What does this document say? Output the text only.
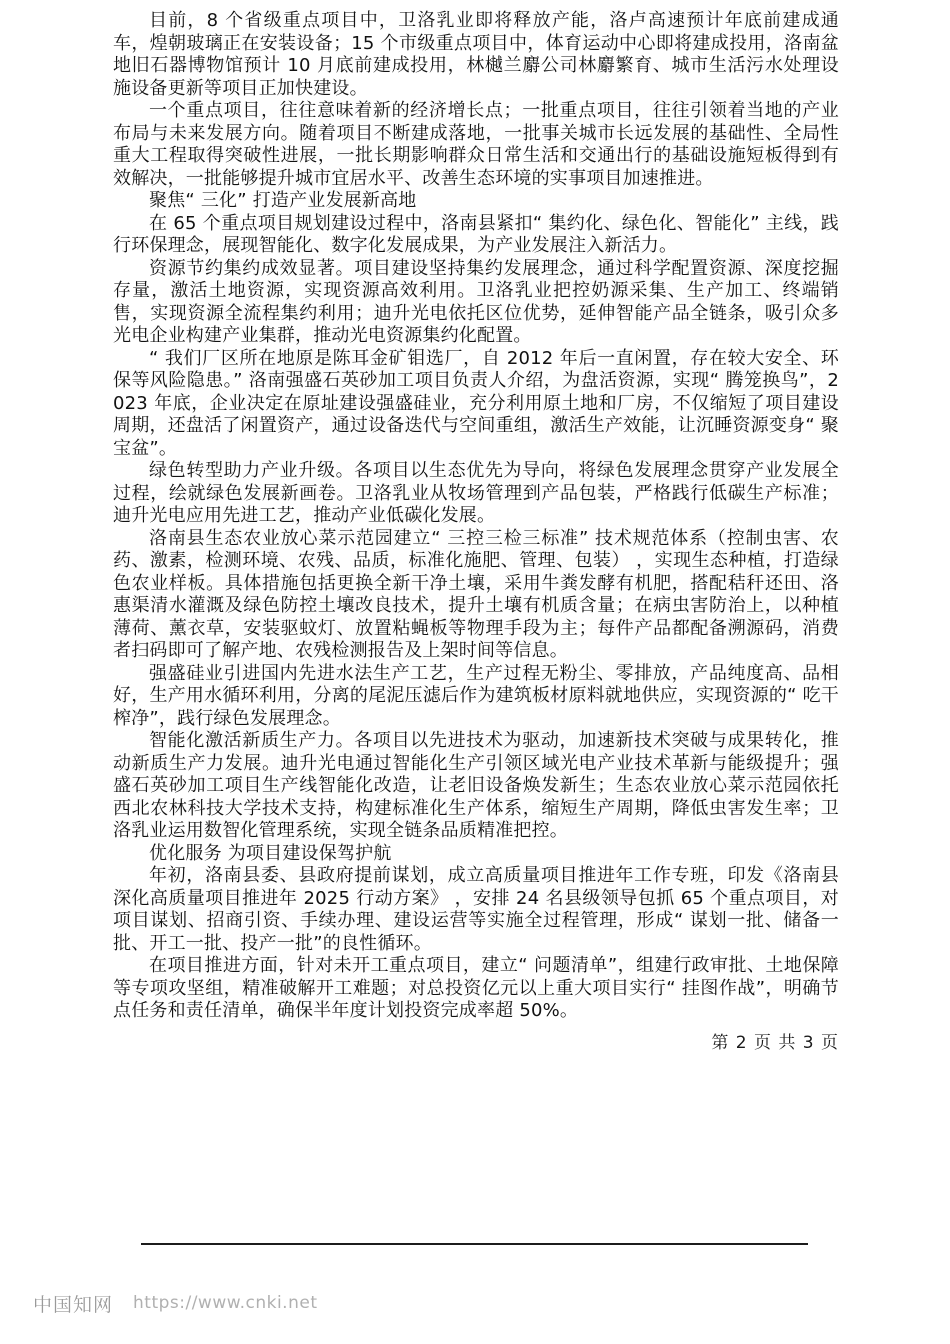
目前，8 个省级重点项目中，卫洛乳业即将释放产能，洛卢高速预计年底前建成通车，煌朝玻璃正在安装设备；15 个市级重点项目中，体育运动中心即将建成投用，洛南盆地旧石器博物馆预计 10 月底前建成投用，林樾兰麝公司林麝繁育、城市生活污水处理设施设备更新等项目正加快建设。

一个重点项目，往往意味着新的经济增长点；一批重点项目，往往引领着当地的产业布局与未来发展方向。随着项目不断建成落地，一批事关城市长远发展的基础性、全局性重大工程取得突破性进展，一批长期影响群众日常生活和交通出行的基础设施短板得到有效解决，一批能够提升城市宜居水平、改善生态环境的实事项目加速推进。

聚焦“ 三化” 打造产业发展新高地

在 65 个重点项目规划建设过程中，洛南县紧扣“ 集约化、绿色化、智能化” 主线，践行环保理念，展现智能化、数字化发展成果，为产业发展注入新活力。

资源节约集约成效显著。项目建设坚持集约发展理念，通过科学配置资源、深度挖掘存量，激活土地资源，实现资源高效利用。卫洛乳业把控奶源采集、生产加工、终端销售，实现资源全流程集约利用；迪升光电依托区位优势，延伸智能产品全链条，吸引众多光电企业构建产业集群，推动光电资源集约化配置。

“ 我们厂区所在地原是陈耳金矿钼选厂，自 2012 年后一直闲置，存在较大安全、环保等风险隐患。” 洛南强盛石英砂加工项目负责人介绍，为盘活资源，实现“ 腾笼换鸟”，2023 年底，企业决定在原址建设强盛硅业，充分利用原土地和厂房，不仅缩短了项目建设周期，还盘活了闲置资产，通过设备迭代与空间重组，激活生产效能，让沉睡资源变身“ 聚宝盆”。

绿色转型助力产业升级。各项目以生态优先为导向，将绿色发展理念贯穿产业发展全过程，绘就绿色发展新画卷。卫洛乳业从牧场管理到产品包装，严格践行低碳生产标准；迪升光电应用先进工艺，推动产业低碳化发展。

洛南县生态农业放心菜示范园建立“ 三控三检三标准” 技术规范体系（控制虫害、农药、激素，检测环境、农残、品质，标准化施肥、管理、包装） ，实现生态种植，打造绿色农业样板。具体措施包括更换全新干净土壤，采用牛粪发酵有机肥，搭配秸秆还田、洛惠渠清水灌溉及绿色防控土壤改良技术，提升土壤有机质含量；在病虫害防治上，以种植薄荷、薰衣草，安装驱蚊灯、放置粘蝇板等物理手段为主；每件产品都配备溯源码，消费者扫码即可了解产地、农残检测报告及上架时间等信息。

强盛硅业引进国内先进水法生产工艺，生产过程无粉尘、零排放，产品纯度高、品相好，生产用水循环利用，分离的尾泥压滤后作为建筑板材原料就地供应，实现资源的“ 吃干榨净”，践行绿色发展理念。

智能化激活新质生产力。各项目以先进技术为驱动，加速新技术突破与成果转化，推动新质生产力发展。迪升光电通过智能化生产引领区域光电产业技术革新与能级提升；强盛石英砂加工项目生产线智能化改造，让老旧设备焕发新生；生态农业放心菜示范园依托西北农林科技大学技术支持，构建标准化生产体系，缩短生产周期，降低虫害发生率；卫洛乳业运用数智化管理系统，实现全链条品质精准把控。

优化服务 为项目建设保驾护航

年初，洛南县委、县政府提前谋划，成立高质量项目推进年工作专班，印发《洛南县深化高质量项目推进年 2025 行动方案》 ，安排 24 名县级领导包抓 65 个重点项目，对项目谋划、招商引资、手续办理、建设运营等实施全过程管理，形成“ 谋划一批、储备一批、开工一批、投产一批”的良性循环。

在项目推进方面，针对未开工重点项目，建立“ 问题清单”，组建行政审批、土地保障等专项攻坚组，精准破解开工难题；对总投资亿元以上重大项目实行“ 挂图作战”，明确节点任务和责任清单，确保半年度计划投资完成率超 50%。

第 2 页 共 3 页
中国知网 https://www.cnki.net
